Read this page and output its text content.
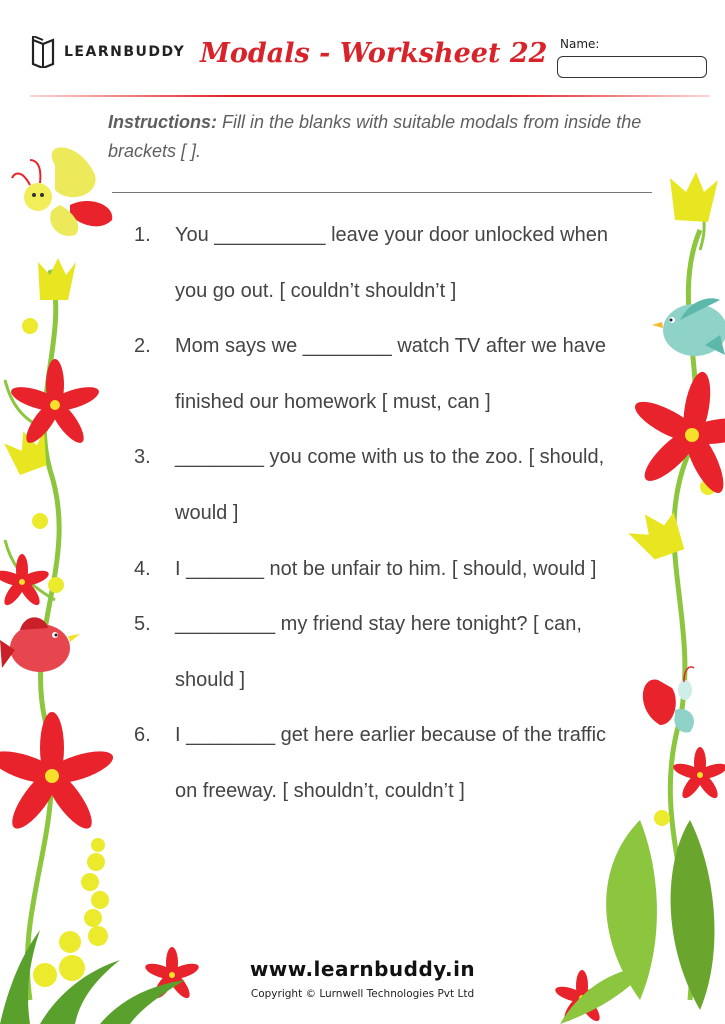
LEARNBUDDY Modals - Worksheet 22 Name:
Instructions: Fill in the blanks with suitable modals from inside the brackets [ ].
1.	You __________ leave your door unlocked when you go out. [ couldn’t shouldn’t ]
2.	Mom says we ________ watch TV after we have finished our homework [ must, can ]
3.	________ you come with us to the zoo. [ should, would ]
4.	I _______ not be unfair to him. [ should, would ]
5.	_________ my friend stay here tonight? [ can, should ]
6.	I ________ get here earlier because of the traffic on freeway. [ shouldn’t, couldn’t ]
www.learnbuddy.in
Copyright © Lurnwell Technologies Pvt Ltd
